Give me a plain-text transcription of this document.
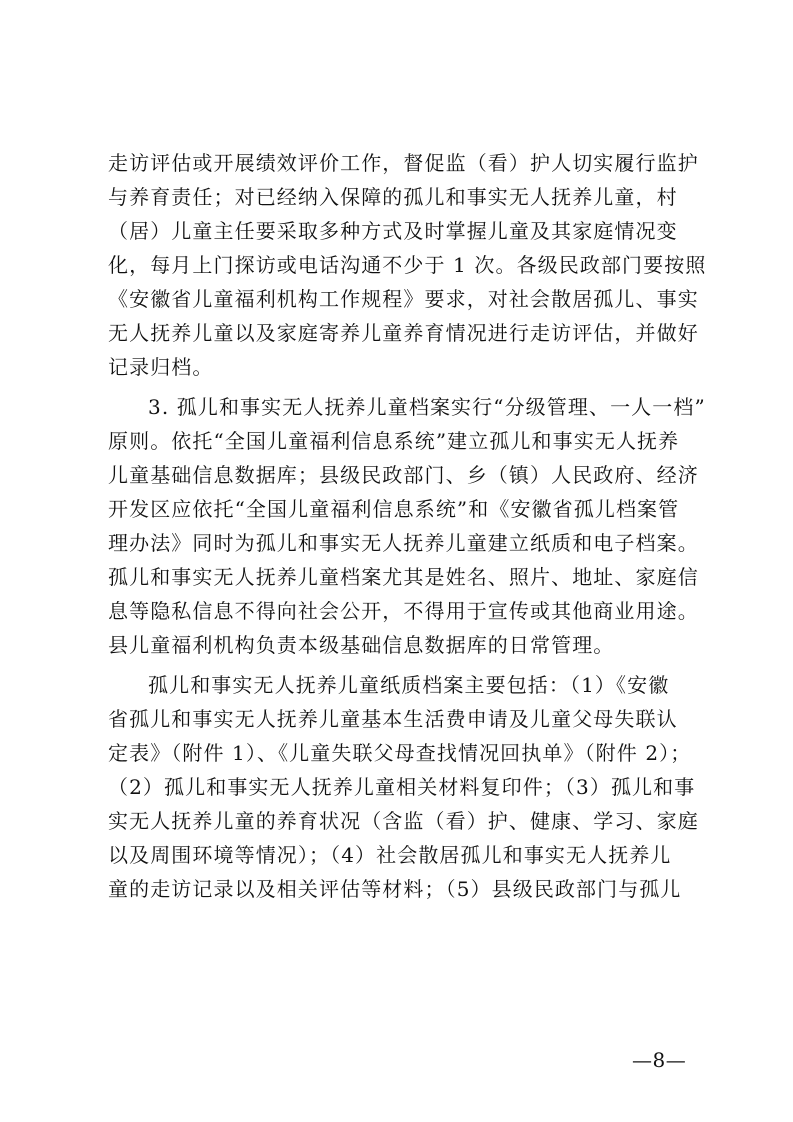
走访评估或开展绩效评价工作，督促监（看）护人切实履行监护
与养育责任；对已经纳入保障的孤儿和事实无人抚养儿童，村
（居）儿童主任要采取多种方式及时掌握儿童及其家庭情况变
化，每月上门探访或电话沟通不少于 1 次。各级民政部门要按照
《安徽省儿童福利机构工作规程》要求，对社会散居孤儿、事实
无人抚养儿童以及家庭寄养儿童养育情况进行走访评估，并做好
记录归档。

3. 孤儿和事实无人抚养儿童档案实行“分级管理、一人一档”
原则。依托“全国儿童福利信息系统”建立孤儿和事实无人抚养
儿童基础信息数据库；县级民政部门、乡（镇）人民政府、经济
开发区应依托“全国儿童福利信息系统”和《安徽省孤儿档案管
理办法》同时为孤儿和事实无人抚养儿童建立纸质和电子档案。
孤儿和事实无人抚养儿童档案尤其是姓名、照片、地址、家庭信
息等隐私信息不得向社会公开，不得用于宣传或其他商业用途。
县儿童福利机构负责本级基础信息数据库的日常管理。

孤儿和事实无人抚养儿童纸质档案主要包括：（1）《安徽
省孤儿和事实无人抚养儿童基本生活费申请及儿童父母失联认
定表》（附件 1）、《儿童失联父母查找情况回执单》（附件 2）；
（2）孤儿和事实无人抚养儿童相关材料复印件；（3）孤儿和事
实无人抚养儿童的养育状况（含监（看）护、健康、学习、家庭
以及周围环境等情况）；（4）社会散居孤儿和事实无人抚养儿
童的走访记录以及相关评估等材料；（5）县级民政部门与孤儿

—8—
